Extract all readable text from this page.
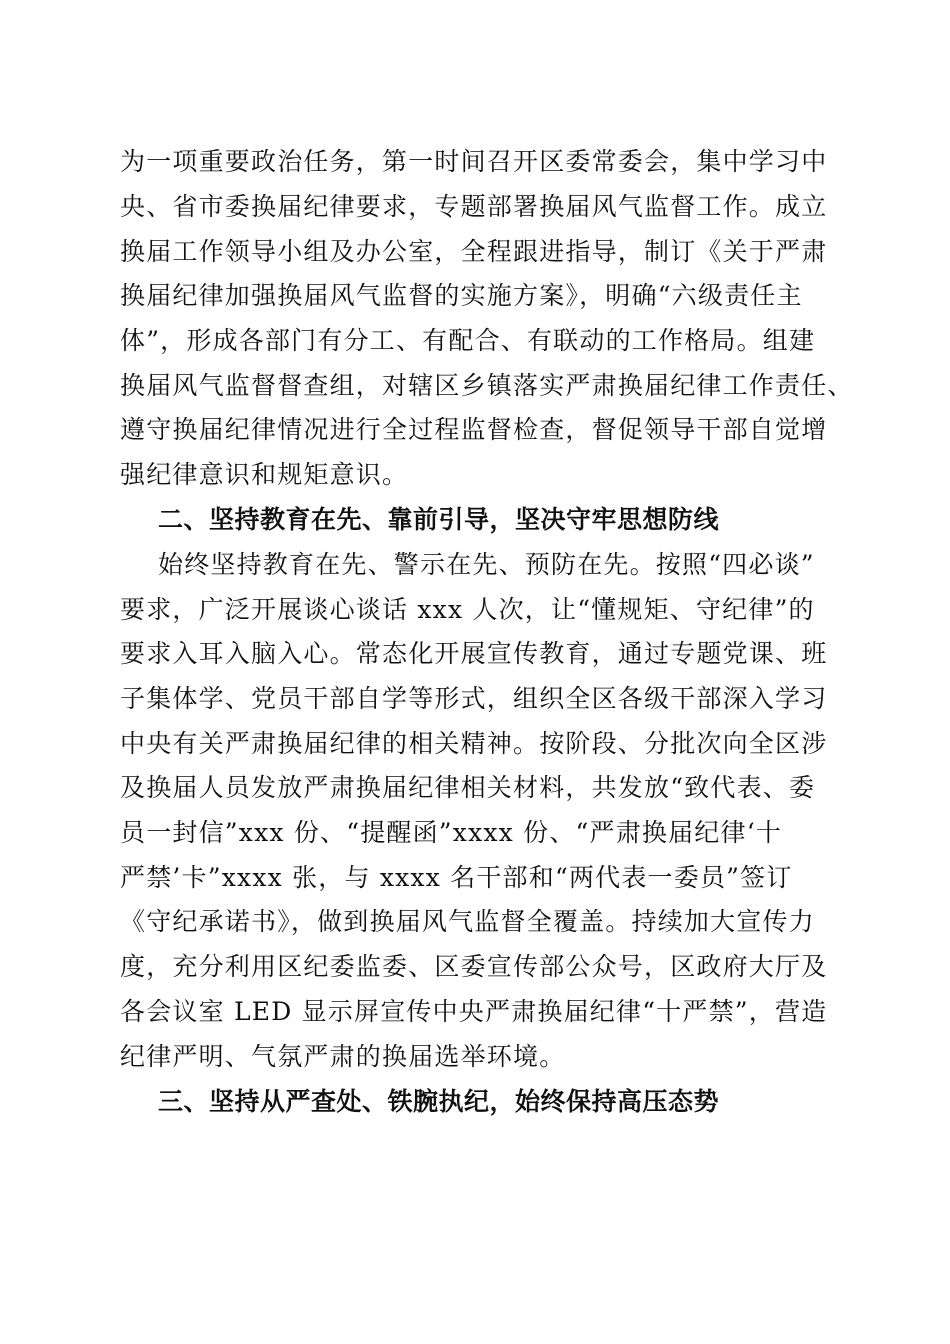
为一项重要政治任务，第一时间召开区委常委会，集中学习中
央、省市委换届纪律要求，专题部署换届风气监督工作。成立
换届工作领导小组及办公室，全程跟进指导，制订《关于严肃
换届纪律加强换届风气监督的实施方案》，明确“六级责任主
体”，形成各部门有分工、有配合、有联动的工作格局。组建
换届风气监督督查组，对辖区乡镇落实严肃换届纪律工作责任、
遵守换届纪律情况进行全过程监督检查，督促领导干部自觉增
强纪律意识和规矩意识。
二、坚持教育在先、靠前引导，坚决守牢思想防线
始终坚持教育在先、警示在先、预防在先。按照“四必谈”
要求，广泛开展谈心谈话 xxx 人次，让“懂规矩、守纪律”的
要求入耳入脑入心。常态化开展宣传教育，通过专题党课、班
子集体学、党员干部自学等形式，组织全区各级干部深入学习
中央有关严肃换届纪律的相关精神。按阶段、分批次向全区涉
及换届人员发放严肃换届纪律相关材料，共发放“致代表、委
员一封信”xxx 份、“提醒函”xxxx 份、“严肃换届纪律‘十
严禁’卡”xxxx 张，与 xxxx 名干部和“两代表一委员”签订
《守纪承诺书》，做到换届风气监督全覆盖。持续加大宣传力
度，充分利用区纪委监委、区委宣传部公众号，区政府大厅及
各会议室 LED 显示屏宣传中央严肃换届纪律“十严禁”，营造
纪律严明、气氛严肃的换届选举环境。
三、坚持从严查处、铁腕执纪，始终保持高压态势
